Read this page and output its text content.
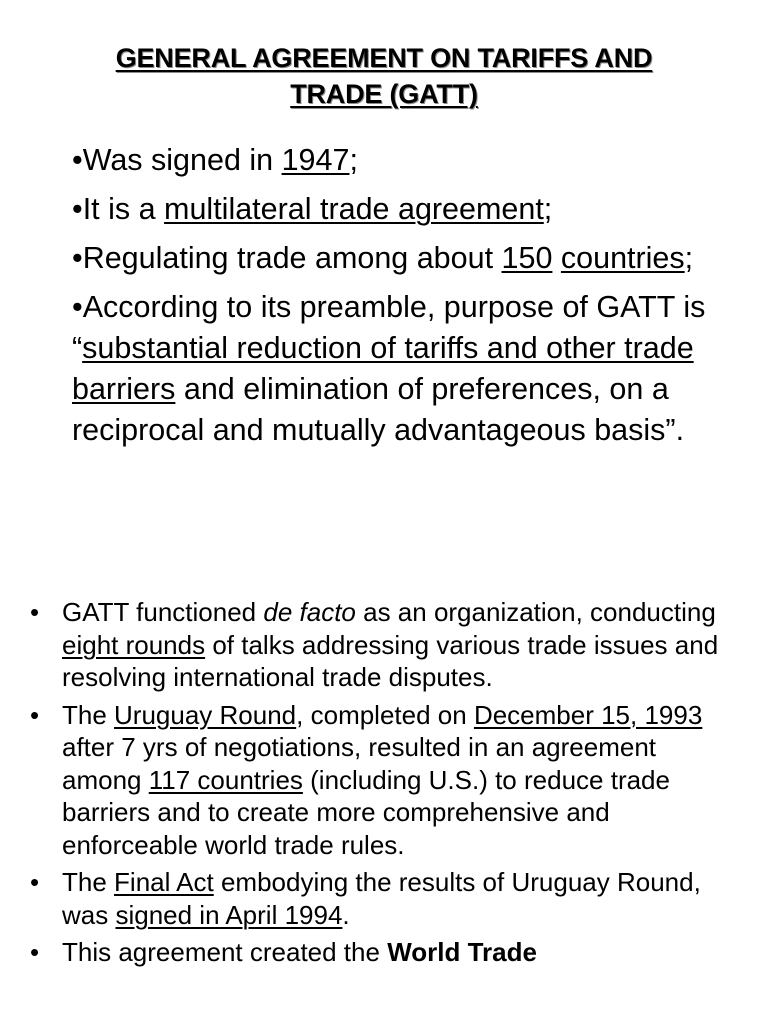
GENERAL AGREEMENT ON TARIFFS AND
TRADE (GATT)
•Was signed in 1947;
•It is a multilateral trade agreement;
•Regulating trade among about 150 countries;
•According to its preamble, purpose of GATT is “substantial reduction of tariffs and other trade barriers and elimination of preferences, on a reciprocal and mutually advantageous basis”.
• GATT functioned de facto as an organization, conducting eight rounds of talks addressing various trade issues and resolving international trade disputes.
• The Uruguay Round, completed on December 15, 1993 after 7 yrs of negotiations, resulted in an agreement among 117 countries (including U.S.) to reduce trade barriers and to create more comprehensive and enforceable world trade rules.
• The Final Act embodying the results of Uruguay Round, was signed in April 1994.
• This agreement created the World Trade
